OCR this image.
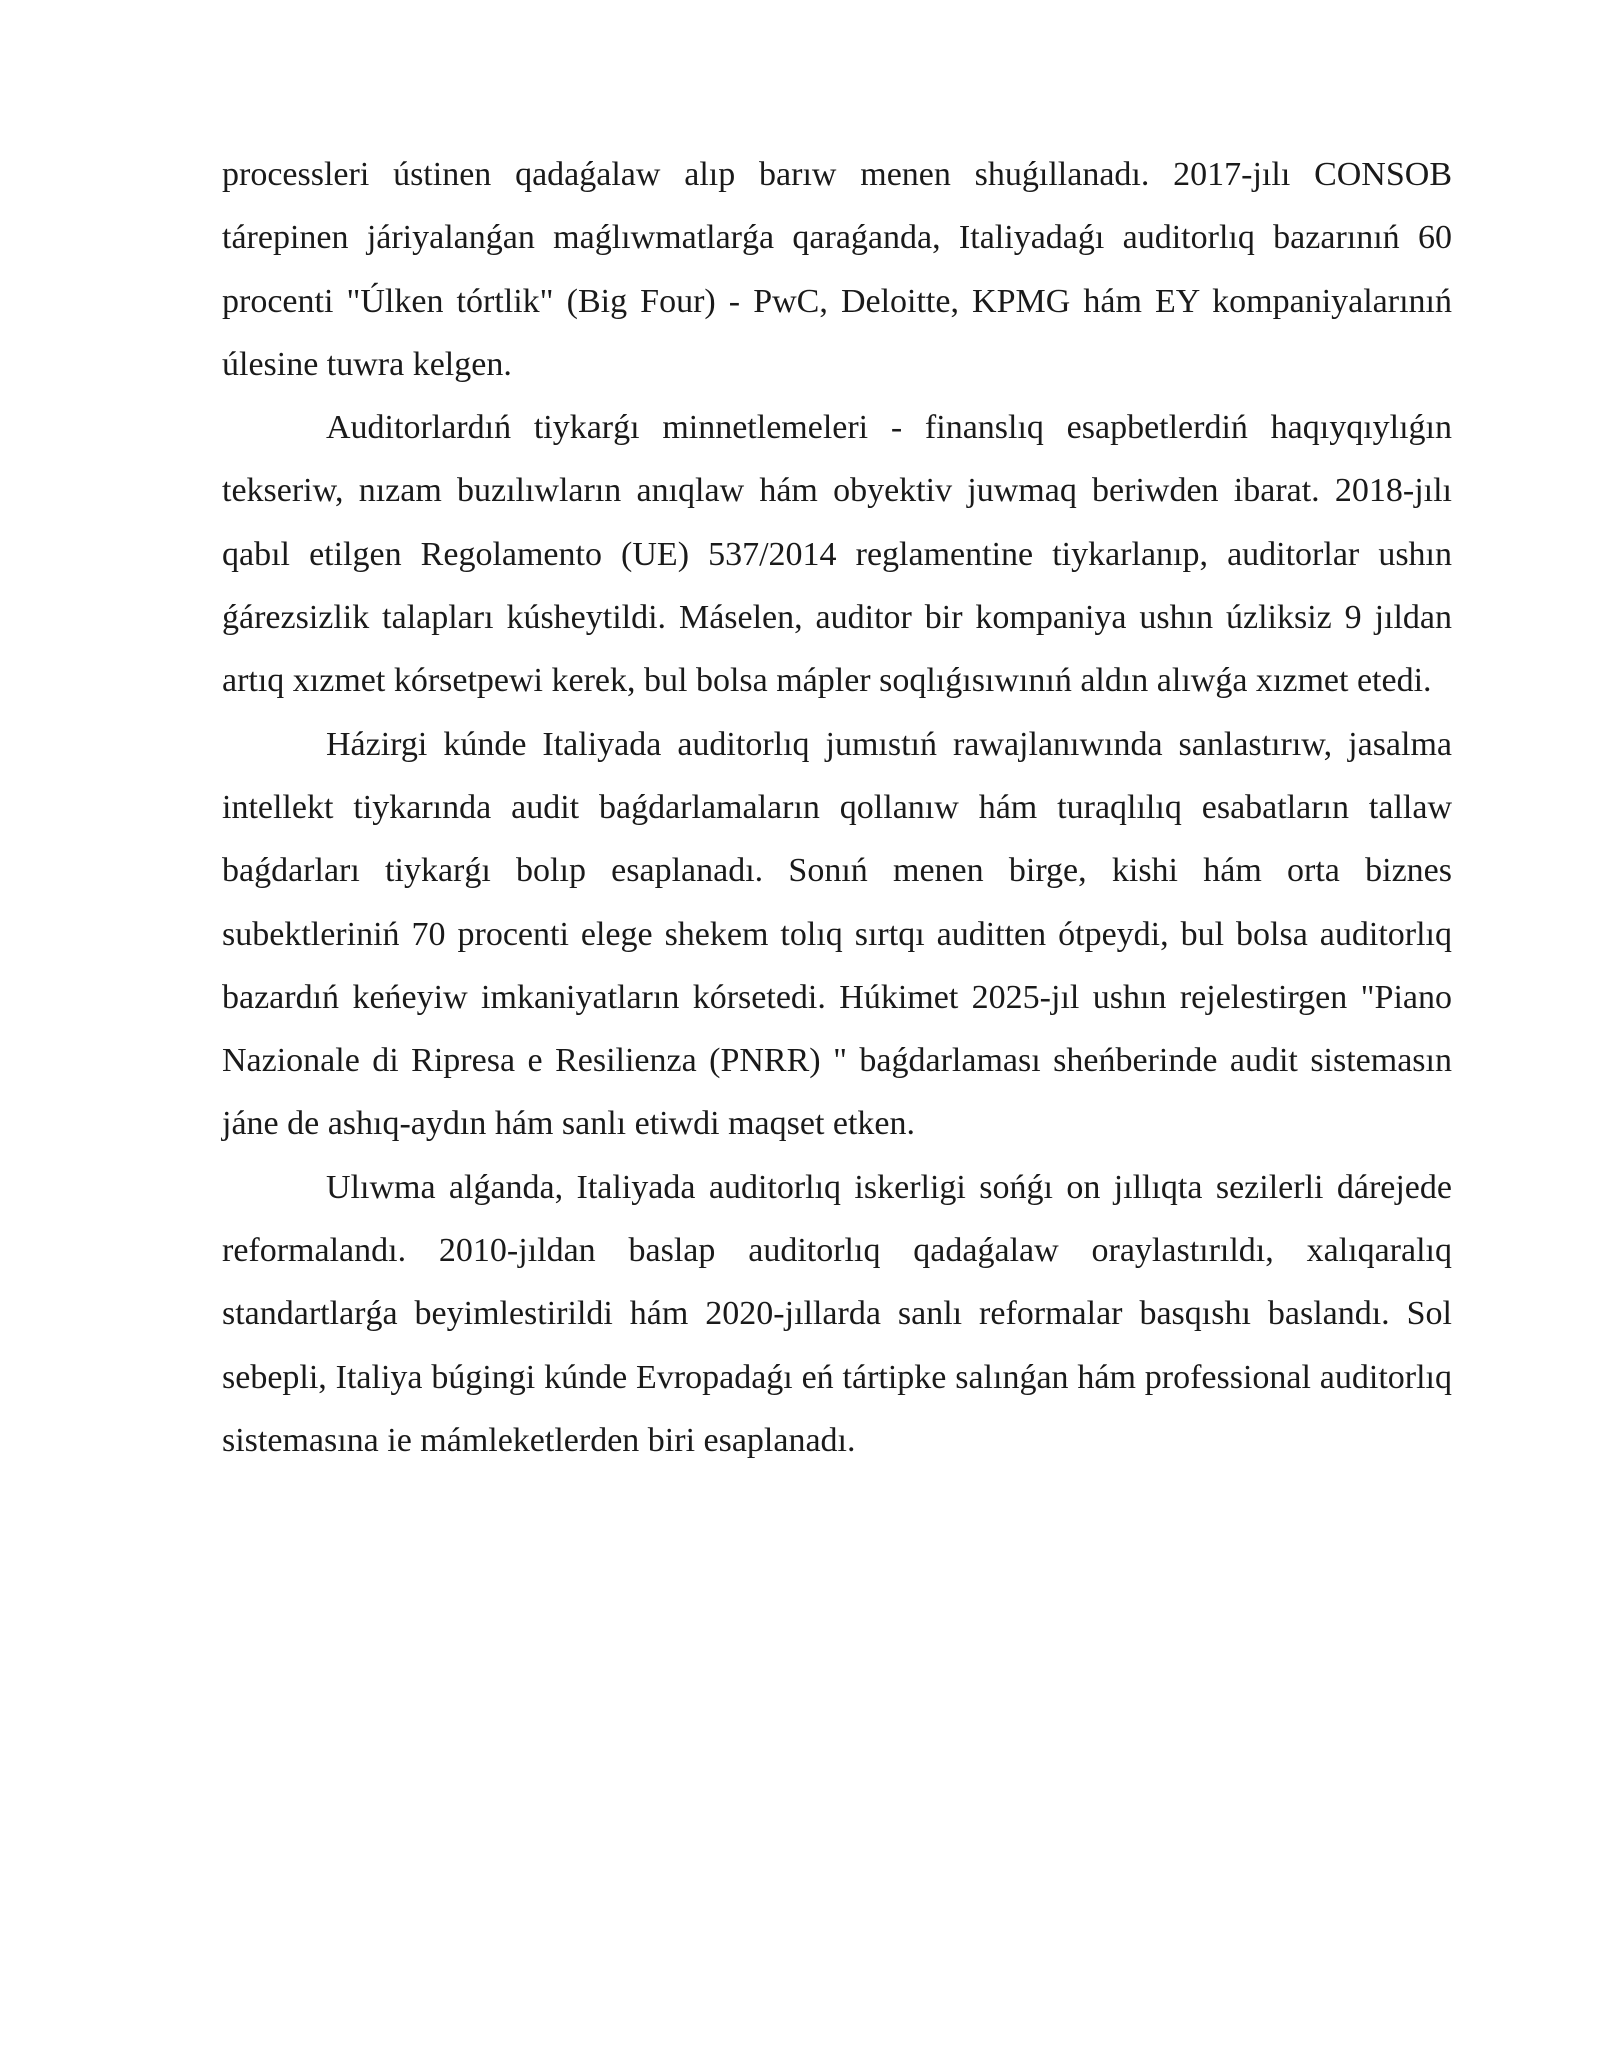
processleri ústinen qadaǵalaw alıp barıw menen shuǵıllanadı. 2017-jılı CONSOB tárepinen járiyalanǵan maǵlıwmatlarǵa qaraǵanda, Italiyadaǵı auditorlıq bazarınıń 60 procenti "Úlken tórtlik" (Big Four) - PwC, Deloitte, KPMG hám EY kompaniyalarınıń úlesine tuwra kelgen.

Auditorlardıń tiykarǵı minnetlemeleri - finanslıq esapbetlerdiń haqıyqıylıǵın tekseriw, nızam buzılıwların anıqlaw hám obyektiv juwmaq beriwden ibarat. 2018-jılı qabıl etilgen Regolamento (UE) 537/2014 reglamentine tiykarlanıp, auditorlar ushın ǵárezsizlik talapları kúsheytildi. Máselen, auditor bir kompaniya ushın úzliksiz 9 jıldan artıq xızmet kórsetpewi kerek, bul bolsa mápler soqlıǵısıwınıń aldın alıwǵa xızmet etedi.

Házirgi kúnde Italiyada auditorlıq jumıstıń rawajlanıwında sanlastırıw, jasalma intellekt tiykarında audit baǵdarlamaların qollanıw hám turaqlılıq esabatların tallaw baǵdarları tiykarǵı bolıp esaplanadı. Sonıń menen birge, kishi hám orta biznes subektleriniń 70 procenti elege shekem tolıq sırtqı auditten ótpeydi, bul bolsa auditorlıq bazardıń keńeyiw imkaniyatların kórsetedi. Húkimet 2025-jıl ushın rejelestirgen "Piano Nazionale di Ripresa e Resilienza (PNRR) " baǵdarlaması sheńberinde audit sistemasın jáne de ashıq-aydın hám sanlı etiwdi maqset etken.

Ulıwma alǵanda, Italiyada auditorlıq iskerligi sońǵı on jıllıqta sezilerli dárejede reformalandı. 2010-jıldan baslap auditorlıq qadaǵalaw oraylastırıldı, xalıqaralıq standartlarǵa beyimlestirildi hám 2020-jıllarda sanlı reformalar basqıshı baslandı. Sol sebepli, Italiya búgingi kúnde Evropadaǵı eń tártipke salınǵan hám professional auditorlıq sistemasına ie mámleketlerden biri esaplanadı.
